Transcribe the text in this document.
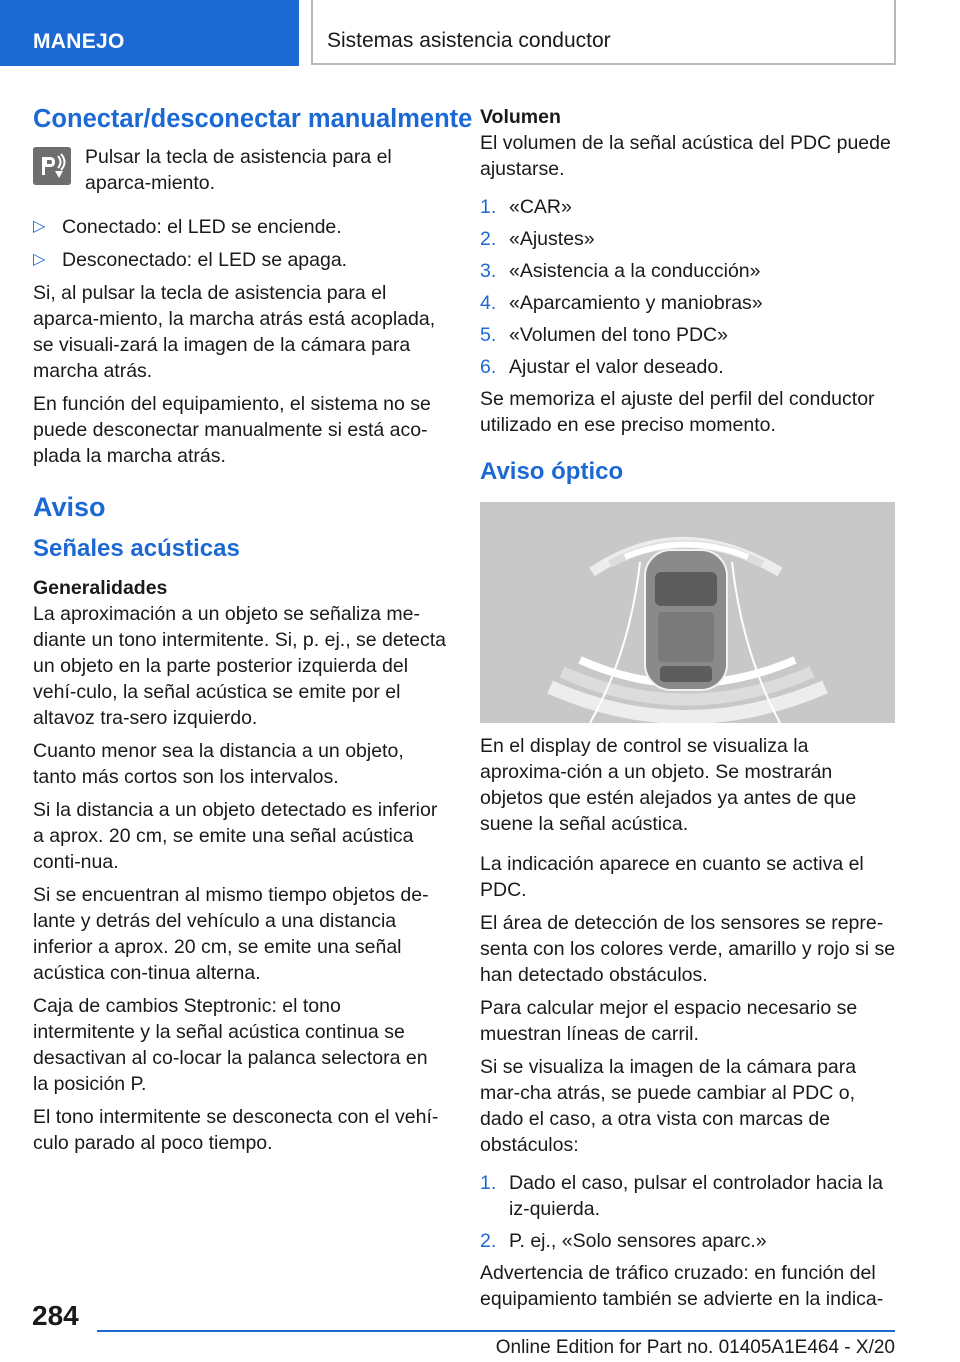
MANEJO	Sistemas asistencia conductor
Conectar/desconectar manualmente
Pulsar la tecla de asistencia para el aparca‐miento.
▷ Conectado: el LED se enciende.
▷ Desconectado: el LED se apaga.
Si, al pulsar la tecla de asistencia para el aparca‐miento, la marcha atrás está acoplada, se visuali‐zará la imagen de la cámara para marcha atrás.
En función del equipamiento, el sistema no se puede desconectar manualmente si está aco‐plada la marcha atrás.
Aviso
Señales acústicas
Generalidades
La aproximación a un objeto se señaliza me‐diante un tono intermitente. Si, p. ej., se detecta un objeto en la parte posterior izquierda del vehí‐culo, la señal acústica se emite por el altavoz tra‐sero izquierdo.
Cuanto menor sea la distancia a un objeto, tanto más cortos son los intervalos.
Si la distancia a un objeto detectado es inferior a aprox. 20 cm, se emite una señal acústica conti‐nua.
Si se encuentran al mismo tiempo objetos de‐lante y detrás del vehículo a una distancia inferior a aprox. 20 cm, se emite una señal acústica con‐tinua alterna.
Caja de cambios Steptronic: el tono intermitente y la señal acústica continua se desactivan al co‐locar la palanca selectora en la posición P.
El tono intermitente se desconecta con el vehí‐culo parado al poco tiempo.
Volumen
El volumen de la señal acústica del PDC puede ajustarse.
1. «CAR»
2. «Ajustes»
3. «Asistencia a la conducción»
4. «Aparcamiento y maniobras»
5. «Volumen del tono PDC»
6. Ajustar el valor deseado.
Se memoriza el ajuste del perfil del conductor utilizado en ese preciso momento.
Aviso óptico
En el display de control se visualiza la aproxima‐ción a un objeto. Se mostrarán objetos que estén alejados ya antes de que suene la señal acústica.
La indicación aparece en cuanto se activa el PDC.
El área de detección de los sensores se repre‐senta con los colores verde, amarillo y rojo si se han detectado obstáculos.
Para calcular mejor el espacio necesario se muestran líneas de carril.
Si se visualiza la imagen de la cámara para mar‐cha atrás, se puede cambiar al PDC o, dado el caso, a otra vista con marcas de obstáculos:
1. Dado el caso, pulsar el controlador hacia la iz‐quierda.
2. P. ej., «Solo sensores aparc.»
Advertencia de tráfico cruzado: en función del equipamiento también se advierte en la indica‐
284
Online Edition for Part no. 01405A1E464 - X/20
